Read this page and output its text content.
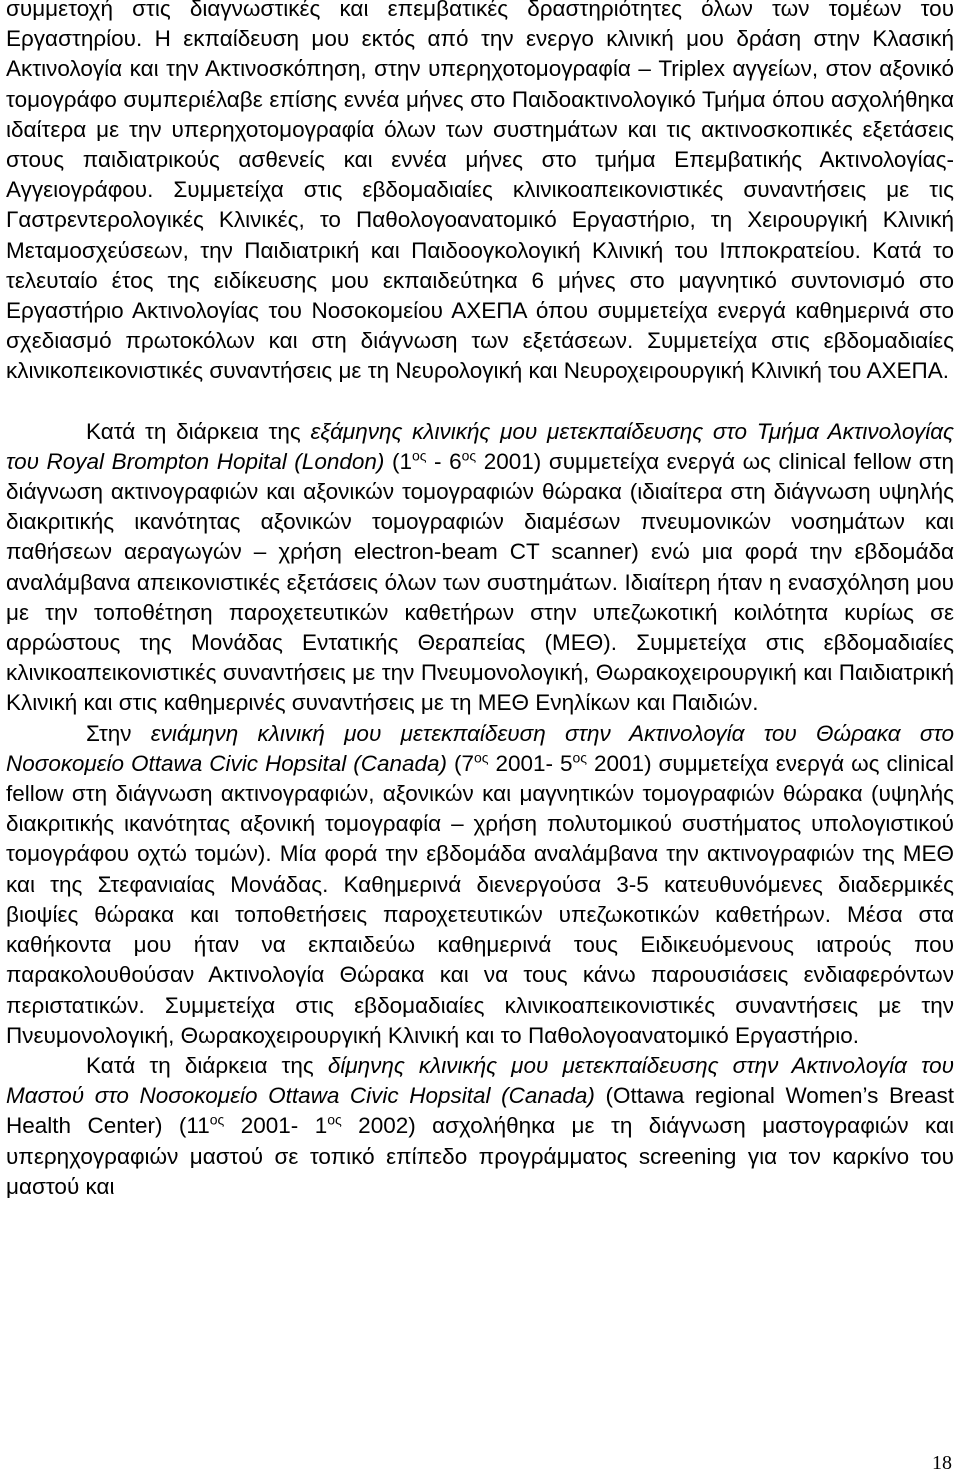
συμμετοχή στις διαγνωστικές και επεμβατικές δραστηριότητες όλων των τομέων του Εργαστηρίου. Η εκπαίδευση μου εκτός από την ενεργο κλινική μου δράση στην Κλασική Ακτινολογία και την Ακτινοσκόπηση, στην υπερηχοτομογραφία – Triplex αγγείων, στον αξονικό τομογράφο συμπεριέλαβε επίσης εννέα μήνες στο Παιδοακτινολογικό Τμήμα όπου ασχολήθηκα ιδαίτερα με την υπερηχοτομογραφία όλων των συστημάτων και τις ακτινοσκοπικές εξετάσεις στους παιδιατρικούς ασθενείς και εννέα μήνες στο τμήμα Επεμβατικής Ακτινολογίας- Αγγειογράφου. Συμμετείχα στις εβδομαδιαίες κλινικοαπεικονιστικές συναντήσεις με τις Γαστρεντερολογικές Κλινικές, το Παθολογοανατομικό Εργαστήριο, τη Χειρουργική Κλινική Μεταμοσχεύσεων, την Παιδιατρική και Παιδοογκολογική Κλινική του Ιπποκρατείου. Κατά το τελευταίο έτος της ειδίκευσης μου εκπαιδεύτηκα 6 μήνες στο μαγνητικό συντονισμό στο Εργαστήριο Ακτινολογίας του Νοσοκομείου ΑΧΕΠΑ όπου συμμετείχα ενεργά καθημερινά στο σχεδιασμό πρωτοκόλων και στη διάγνωση των εξετάσεων. Συμμετείχα στις εβδομαδιαίες κλινικοπεικονιστικές συναντήσεις με τη Νευρολογική και Νευροχειρουργική Κλινική του ΑΧΕΠΑ.

Κατά τη διάρκεια της εξάμηνης κλινικής μου μετεκπαίδευσης στο Τμήμα Ακτινολογίας του Royal Brompton Hopital (London) ($1^{o\varsigma} - 6^{o\varsigma}$ 2001) συμμετείχα ενεργά ως clinical fellow στη διάγνωση ακτινογραφιών και αξονικών τομογραφιών θώρακα (ιδιαίτερα στη διάγνωση υψηλής διακριτικής ικανότητας αξονικών τομογραφιών διαμέσων πνευμονικών νοσημάτων και παθήσεων αεραγωγών – χρήση electron-beam CT scanner) ενώ μια φορά την εβδομάδα αναλάμβανα απεικονιστικές εξετάσεις όλων των συστημάτων. Ιδιαίτερη ήταν η ενασχόληση μου με την τοποθέτηση παροχετευτικών καθετήρων στην υπεζωκοτική κοιλότητα κυρίως σε αρρώστους της Μονάδας Εντατικής Θεραπείας (ΜΕΘ). Συμμετείχα στις εβδομαδιαίες κλινικοαπεικονιστικές συναντήσεις με την Πνευμονολογική, Θωρακοχειρουργική και Παιδιατρική Κλινική και στις καθημερινές συναντήσεις με τη ΜΕΘ Ενηλίκων και Παιδιών.

Στην ενιάμηνη κλινική μου μετεκπαίδευση στην Ακτινολογία του Θώρακα στο Νοσοκομείο Ottawa Civic Hopsital (Canada) ($7^{o\varsigma}$ 2001- $5^{o\varsigma}$ 2001) συμμετείχα ενεργά ως clinical fellow στη διάγνωση ακτινογραφιών, αξονικών και μαγνητικών τομογραφιών θώρακα (υψηλής διακριτικής ικανότητας αξονική τομογραφία – χρήση πολυτομικού συστήματος υπολογιστικού τομογράφου οχτώ τομών). Μία φορά την εβδομάδα αναλάμβανα την ακτινογραφιών της ΜΕΘ και της Στεφανιαίας Μονάδας. Καθημερινά διενεργούσα 3-5 κατευθυνόμενες διαδερμικές βιοψίες θώρακα και τοποθετήσεις παροχετευτικών υπεζωκοτικών καθετήρων. Μέσα στα καθήκοντα μου ήταν να εκπαιδεύω καθημερινά τους Ειδικευόμενους ιατρούς που παρακολουθούσαν Ακτινολογία Θώρακα και να τους κάνω παρουσιάσεις ενδιαφερόντων περιστατικών. Συμμετείχα στις εβδομαδιαίες κλινικοαπεικονιστικές συναντήσεις με την Πνευμονολογική, Θωρακοχειρουργική Κλινική και το Παθολογοανατομικό Εργαστήριο.

Κατά τη διάρκεια της δίμηνης κλινικής μου μετεκπαίδευσης στην Ακτινολογία του Μαστού στο Νοσοκομείο Ottawa Civic Hopsital (Canada) (Ottawa regional Women’s Breast Health Center) ($11^{o\varsigma}$ 2001- $1^{o\varsigma}$ 2002) ασχολήθηκα με τη διάγνωση μαστογραφιών και υπερηχογραφιών μαστού σε τοπικό επίπεδο προγράμματος screening για τον καρκίνο του μαστού και

18
